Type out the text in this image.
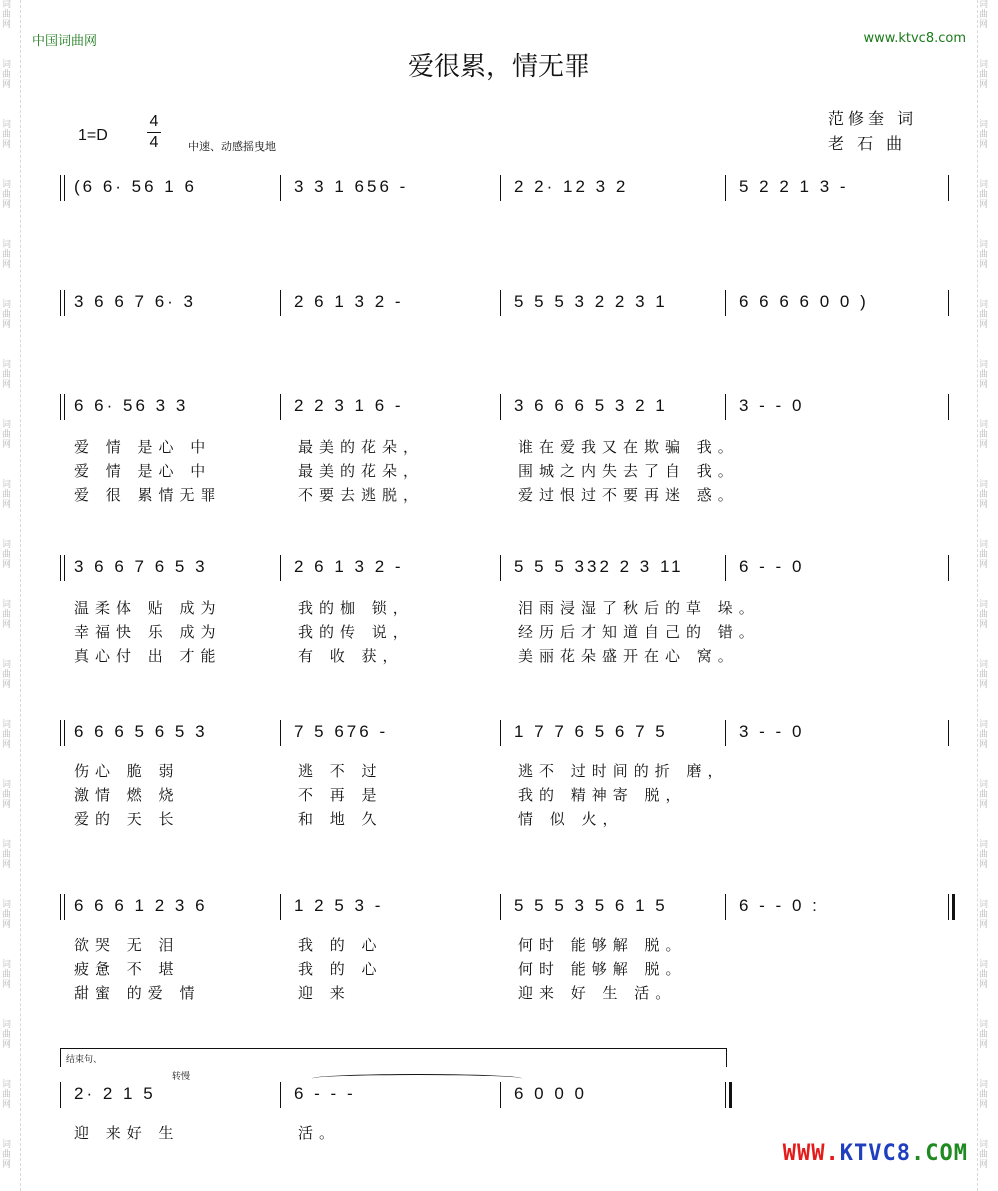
词曲网
词曲网
词曲网
词曲网
词曲网
词曲网
词曲网
词曲网
词曲网
词曲网
词曲网
词曲网
词曲网
词曲网
词曲网
词曲网
词曲网
词曲网
词曲网
词曲网
词曲网
词曲网
词曲网
词曲网
词曲网
词曲网
词曲网
词曲网
词曲网
词曲网
词曲网
词曲网
词曲网
词曲网
词曲网
词曲网
词曲网
词曲网
词曲网
词曲网
中国词曲网	www.ktvc8.com
爱很累，情无罪
范修奎 词
老 石 曲
1=D
4
4	中速、动感摇曳地
(6 6· 56 1 6	3 3 1 656 -	2 2· 12 3 2	5 2 2 1 3 -
3 6 6 7 6· 3	2 6 1 3 2 -	5 5 5 3 2 2 3 1	6 6 6 6 0 0 )
6 6· 56 3 3	2 2 3 1 6 -	3 6 6 6 5 3 2 1	3 - - 0
爱 情 是心 中	最美的花朵，	谁在爱我又在欺骗 我。
爱 情 是心 中	最美的花朵，	围城之内失去了自 我。
爱 很 累情无罪	不要去逃脱，	爱过恨过不要再迷 惑。
3 6 6 7 6 5 3	2 6 1 3 2 -	5 5 5 332 2 3 11	6 - - 0
温柔体 贴 成为	我的枷 锁，	泪雨浸湿了秋后的草 垛。
幸福快 乐 成为	我的传 说，	经历后才知道自己的 错。
真心付 出 才能	有 收 获，	美丽花朵盛开在心 窝。
6 6 6 5 6 5 3	7 5 676 -	1 7 7 6 5 6 7 5	3 - - 0
伤心 脆 弱	逃 不 过	逃不 过时间的折 磨，
激情 燃 烧	不 再 是	我的 精神寄 脱，
爱的 天 长	和 地 久	情 似 火，
6 6 6 1 2 3 6	1 2 5 3 -	5 5 5 3 5 6 1 5	6 - - 0 :
欲哭 无 泪	我 的 心	何时 能够解 脱。
疲惫 不 堪	我 的 心	何时 能够解 脱。
甜蜜 的爱 情	迎 来	迎来 好 生 活。
结束句、
转慢
2· 2 1 5	6 - - -	6 0 0 0
迎 来好 生	活。
WWW.KTVC8.COM
